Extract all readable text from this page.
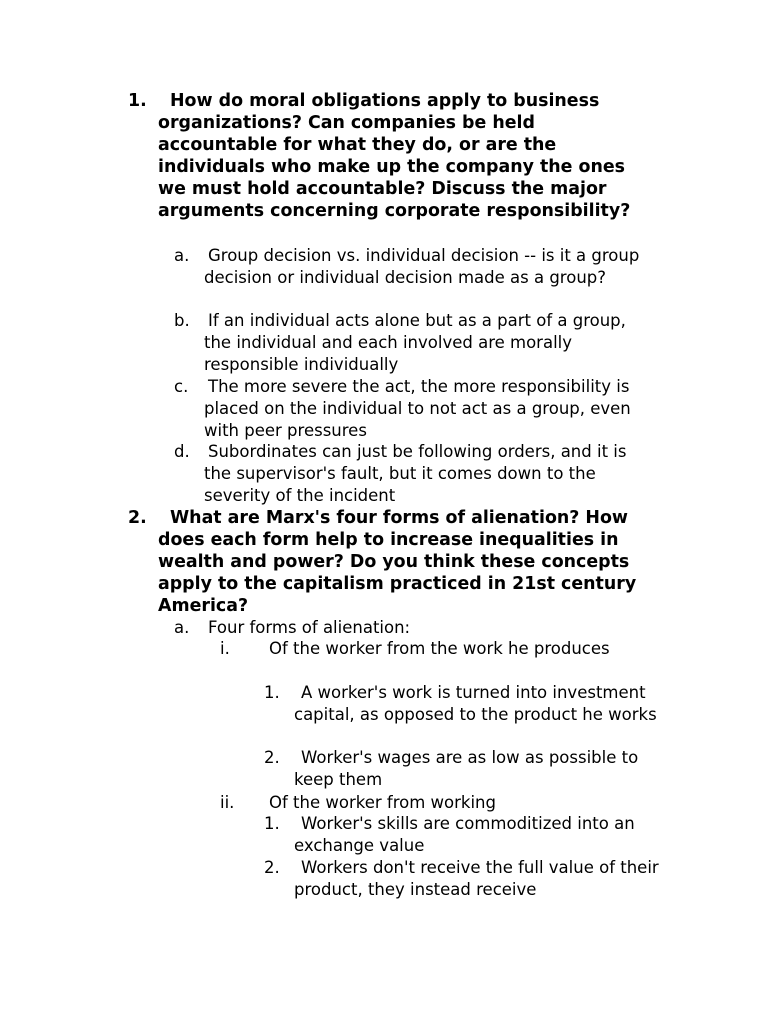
1.	How do moral obligations apply to business organizations? Can companies be held accountable for what they do, or are the individuals who make up the company the ones we must hold accountable? Discuss the major arguments concerning corporate responsibility?
a.	Group decision vs. individual decision -- is it a group decision or individual decision made as a group?
b.	If an individual acts alone but as a part of a group, the individual and each involved are morally responsible individually
c.	The more severe the act, the more responsibility is placed on the individual to not act as a group, even with peer pressures
d.	Subordinates can just be following orders, and it is the supervisor's fault, but it comes down to the severity of the incident
2.	What are Marx's four forms of alienation? How does each form help to increase inequalities in wealth and power? Do you think these concepts apply to the capitalism practiced in 21st century America?
a.	Four forms of alienation:
i.	Of the worker from the work he produces
1.	A worker's work is turned into investment capital, as opposed to the product he works
2.	Worker's wages are as low as possible to keep them
ii.	Of the worker from working
1.	Worker's skills are commoditized into an exchange value
2.	Workers don't receive the full value of their product, they instead receive
